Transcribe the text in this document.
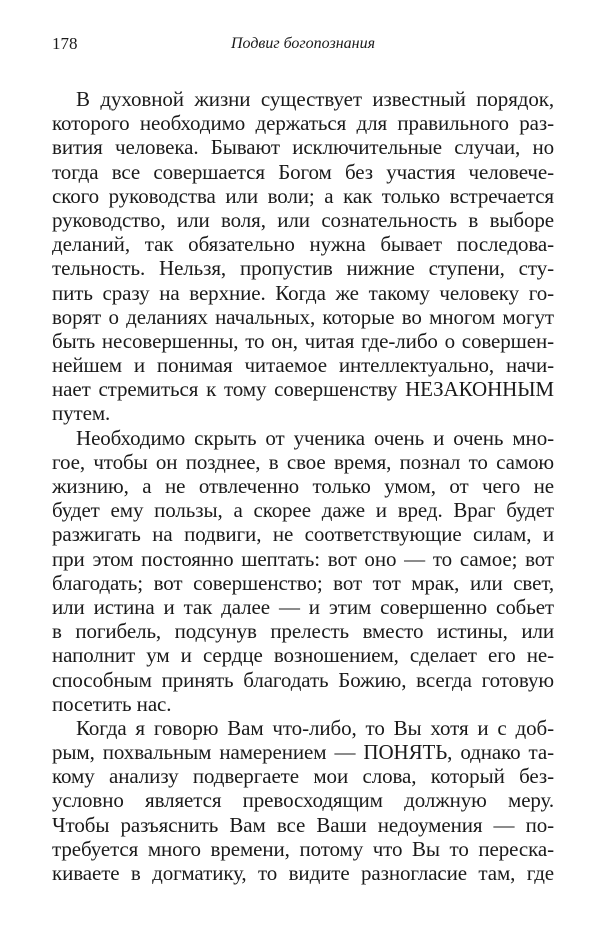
178	Подвиг богопознания
В духовной жизни существует известный порядок,
которого необходимо держаться для правильного раз-
вития человека. Бывают исключительные случаи, но
тогда все совершается Богом без участия человече-
ского руководства или воли; а как только встречается
руководство, или воля, или сознательность в выборе
деланий, так обязательно нужна бывает последова-
тельность. Нельзя, пропустив нижние ступени, сту-
пить сразу на верхние. Когда же такому человеку го-
ворят о деланиях начальных, которые во многом могут
быть несовершенны, то он, читая где-либо о совершен-
нейшем и понимая читаемое интеллектуально, начи-
нает стремиться к тому совершенству НЕЗАКОННЫМ
путем.
Необходимо скрыть от ученика очень и очень мно-
гое, чтобы он позднее, в свое время, познал то самою
жизнию, а не отвлеченно только умом, от чего не
будет ему пользы, а скорее даже и вред. Враг будет
разжигать на подвиги, не соответствующие силам, и
при этом постоянно шептать: вот оно — то самое; вот
благодать; вот совершенство; вот тот мрак, или свет,
или истина и так далее — и этим совершенно собьет
в погибель, подсунув прелесть вместо истины, или
наполнит ум и сердце возношением, сделает его не-
способным принять благодать Божию, всегда готовую
посетить нас.
Когда я говорю Вам что-либо, то Вы хотя и с доб-
рым, похвальным намерением — ПОНЯТЬ, однако та-
кому анализу подвергаете мои слова, который без-
условно является превосходящим должную меру.
Чтобы разъяснить Вам все Ваши недоумения — по-
требуется много времени, потому что Вы то переска-
киваете в догматику, то видите разногласие там, где
